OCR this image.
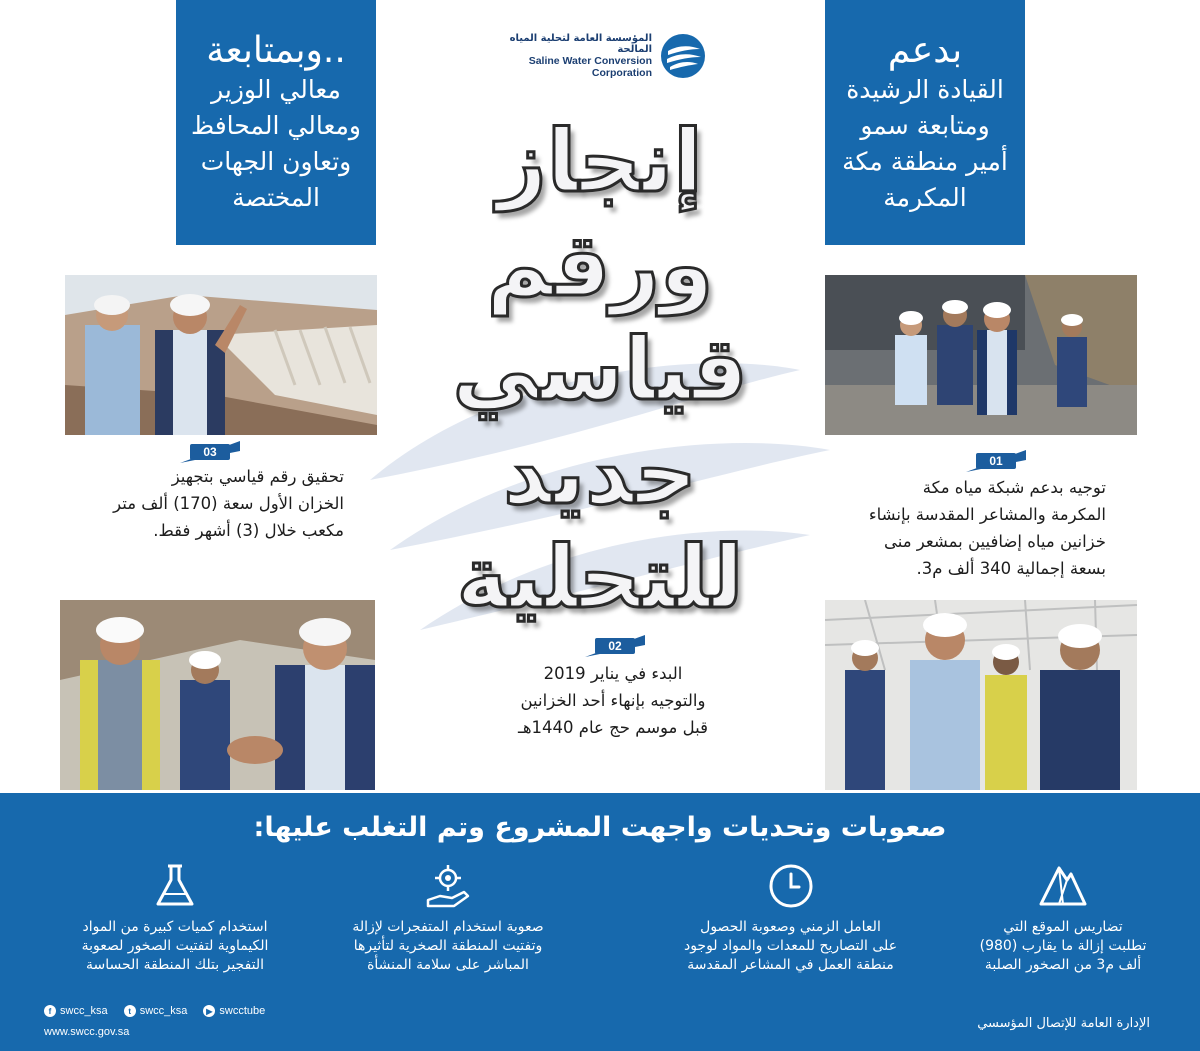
المؤسسة العامة لتحلية المياه المالحة
Saline Water Conversion Corporation
..وبمتابعة
معالي الوزير
ومعالي المحافظ
وتعاون الجهات
المختصة
بدعم
القيادة الرشيدة
ومتابعة سمو
أمير منطقة مكة
المكرمة
إنجاز
ورقم
قياسي
جديد
للتحلية
03
تحقيق رقم قياسي بتجهيز
الخزان الأول سعة (170) ألف متر
مكعب خلال (3) أشهر فقط.
01
توجيه بدعم شبكة مياه مكة
المكرمة والمشاعر المقدسة بإنشاء
خزانين مياه إضافيين بمشعر منى
بسعة إجمالية 340 ألف م3.
02
البدء في يناير 2019
والتوجيه بإنهاء أحد الخزانين
قبل موسم حج عام 1440هـ
صعوبات وتحديات واجهت المشروع وتم التغلب عليها:
تضاريس الموقع التي
تطلبت إزالة ما يقارب (980)
ألف م3 من الصخور الصلبة
العامل الزمني وصعوبة الحصول
على التصاريح للمعدات والمواد لوجود
منطقة العمل في المشاعر المقدسة
صعوبة استخدام المتفجرات لإزالة
وتفتيت المنطقة الصخرية لتأثيرها
المباشر على سلامة المنشأة
استخدام كميات كبيرة من المواد
الكيماوية لتفتيت الصخور لصعوبة
التفجير بتلك المنطقة الحساسة
f swcc_ksa	t swcc_ksa	▶ swcctube
www.swcc.gov.sa
الإدارة العامة للإتصال المؤسسي
